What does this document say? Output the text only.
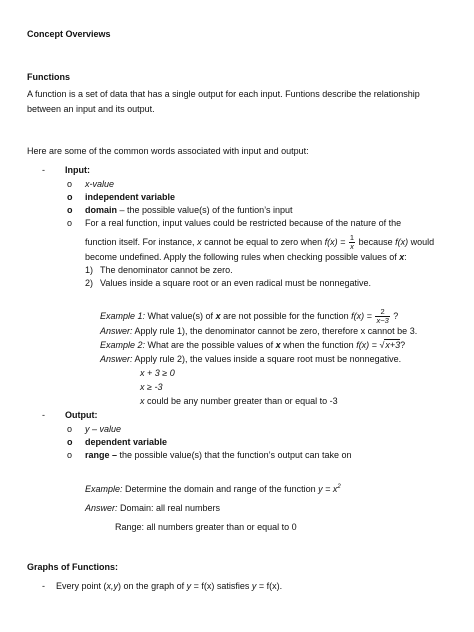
Concept Overviews
Functions
A function is a set of data that has a single output for each input. Funtions describe the relationship
between an input and its output.
Here are some of the common words associated with input and output:
- Input:
o x-value
o independent variable
o domain – the possible value(s) of the funtion’s input
o For a real function, input values could be restricted because of the nature of the
function itself. For instance, x cannot be equal to zero when $f(x) = \frac{1}{x}$ because f(x) would
become undefined. Apply the following rules when checking possible values of x:
1) The denominator cannot be zero.
2) Values inside a square root or an even radical must be nonnegative.
Example 1: What value(s) of x are not possible for the function $f(x) = \frac{2}{x-3}$ ?
Answer: Apply rule 1), the denominator cannot be zero, therefore x cannot be 3.
Example 2: What are the possible values of x when the function f(x) = √x+3?
Answer: Apply rule 2), the values inside a square root must be nonnegative.
x + 3 ≥ 0
x ≥ -3
x could be any number greater than or equal to -3
- Output:
o y – value
o dependent variable
o range – the possible value(s) that the function’s output can take on
Example: Determine the domain and range of the function $y = x^2$
Answer: Domain: all real numbers
Range: all numbers greater than or equal to 0
Graphs of Functions:
- Every point (x,y) on the graph of y = f(x) satisfies y = f(x).
